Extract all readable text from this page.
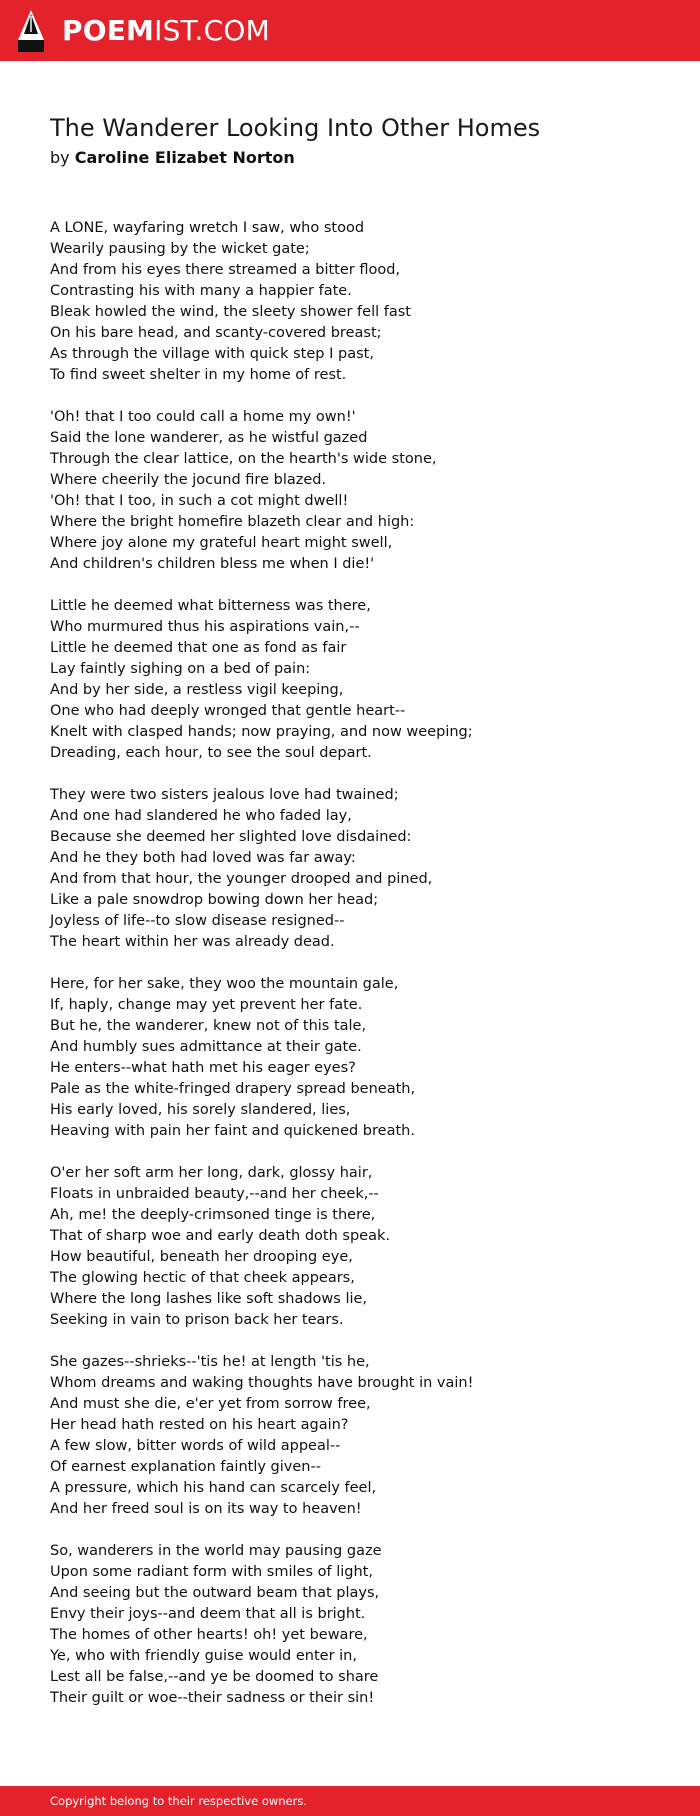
POEMIST.COM
The Wanderer Looking Into Other Homes
by Caroline Elizabet Norton
A LONE, wayfaring wretch I saw, who stood
Wearily pausing by the wicket gate;
And from his eyes there streamed a bitter flood,
Contrasting his with many a happier fate.
Bleak howled the wind, the sleety shower fell fast
On his bare head, and scanty-covered breast;
As through the village with quick step I past,
To find sweet shelter in my home of rest.
'Oh! that I too could call a home my own!'
Said the lone wanderer, as he wistful gazed
Through the clear lattice, on the hearth's wide stone,
Where cheerily the jocund fire blazed.
'Oh! that I too, in such a cot might dwell!
Where the bright homefire blazeth clear and high:
Where joy alone my grateful heart might swell,
And children's children bless me when I die!'
Little he deemed what bitterness was there,
Who murmured thus his aspirations vain,--
Little he deemed that one as fond as fair
Lay faintly sighing on a bed of pain:
And by her side, a restless vigil keeping,
One who had deeply wronged that gentle heart--
Knelt with clasped hands; now praying, and now weeping;
Dreading, each hour, to see the soul depart.
They were two sisters jealous love had twained;
And one had slandered he who faded lay,
Because she deemed her slighted love disdained:
And he they both had loved was far away:
And from that hour, the younger drooped and pined,
Like a pale snowdrop bowing down her head;
Joyless of life--to slow disease resigned--
The heart within her was already dead.
Here, for her sake, they woo the mountain gale,
If, haply, change may yet prevent her fate.
But he, the wanderer, knew not of this tale,
And humbly sues admittance at their gate.
He enters--what hath met his eager eyes?
Pale as the white-fringed drapery spread beneath,
His early loved, his sorely slandered, lies,
Heaving with pain her faint and quickened breath.
O'er her soft arm her long, dark, glossy hair,
Floats in unbraided beauty,--and her cheek,--
Ah, me! the deeply-crimsoned tinge is there,
That of sharp woe and early death doth speak.
How beautiful, beneath her drooping eye,
The glowing hectic of that cheek appears,
Where the long lashes like soft shadows lie,
Seeking in vain to prison back her tears.
She gazes--shrieks--'tis he! at length 'tis he,
Whom dreams and waking thoughts have brought in vain!
And must she die, e'er yet from sorrow free,
Her head hath rested on his heart again?
A few slow, bitter words of wild appeal--
Of earnest explanation faintly given--
A pressure, which his hand can scarcely feel,
And her freed soul is on its way to heaven!
So, wanderers in the world may pausing gaze
Upon some radiant form with smiles of light,
And seeing but the outward beam that plays,
Envy their joys--and deem that all is bright.
The homes of other hearts! oh! yet beware,
Ye, who with friendly guise would enter in,
Lest all be false,--and ye be doomed to share
Their guilt or woe--their sadness or their sin!
Copyright belong to their respective owners.
